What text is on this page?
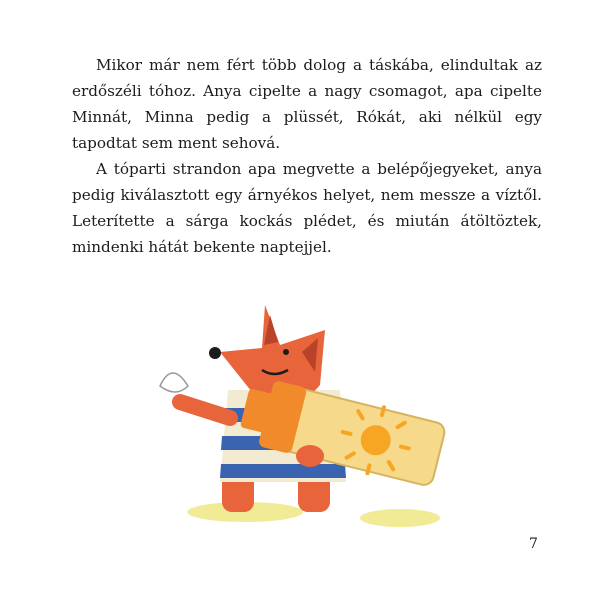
Mikor már nem fért több dolog a táskába, elindultak az erdőszéli tóhoz. Anya cipelte a nagy csomagot, apa cipelte Minnát, Minna pedig a plüssét, Rókát, aki nélkül egy tapodtat sem ment sehová.

A tóparti strandon apa megvette a belépőjegyeket, anya pedig kiválasztott egy árnyékos helyet, nem messze a víztől. Leterítette a sárga kockás plédet, és miután átöltöztek, mindenki hátát bekente naptejjel.

7
